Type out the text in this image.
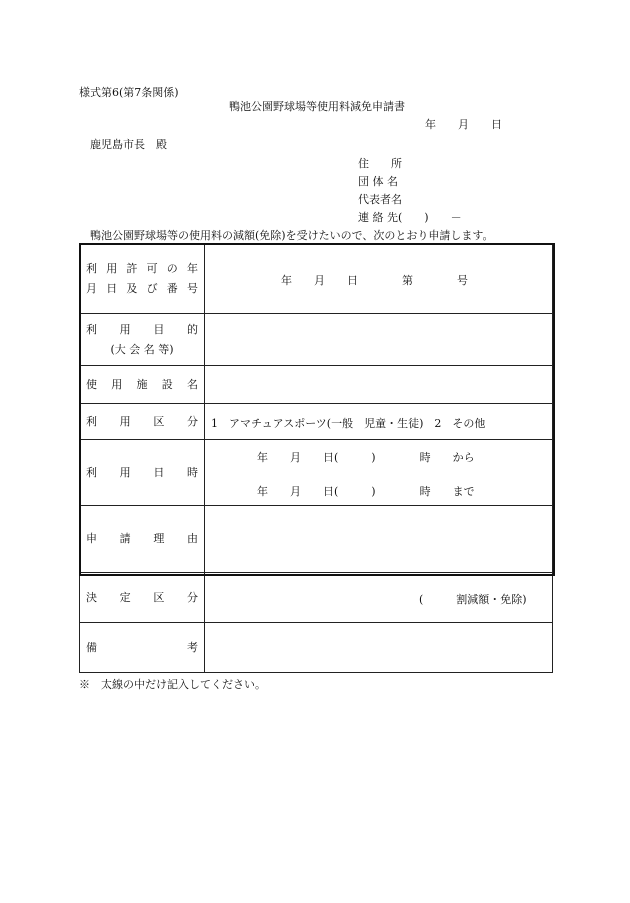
様式第6(第7条関係)
鴨池公園野球場等使用料減免申請書
年　　月　　日
鹿児島市長　殿
住　　所
団 体 名
代表者名
連 絡 先(　　)　　－
鴨池公園野球場等の使用料の減額(免除)を受けたいので、次のとおり申請します。
利用許可の年
月日及び番号	年　　月　　日　　　　第　　　　号

利　用　目　的
(大 会 名 等)	

使用施設名	

利用区分	1　アマチュアスポーツ(一般　児童・生徒)　2　その他

利用日時	年　　月　　日(　　　)　　　　時　　から
年　　月　　日(　　　)　　　　時　　まで

申請理由	

決定区分	(　　　割減額・免除)

備考	

※　太線の中だけ記入してください。
